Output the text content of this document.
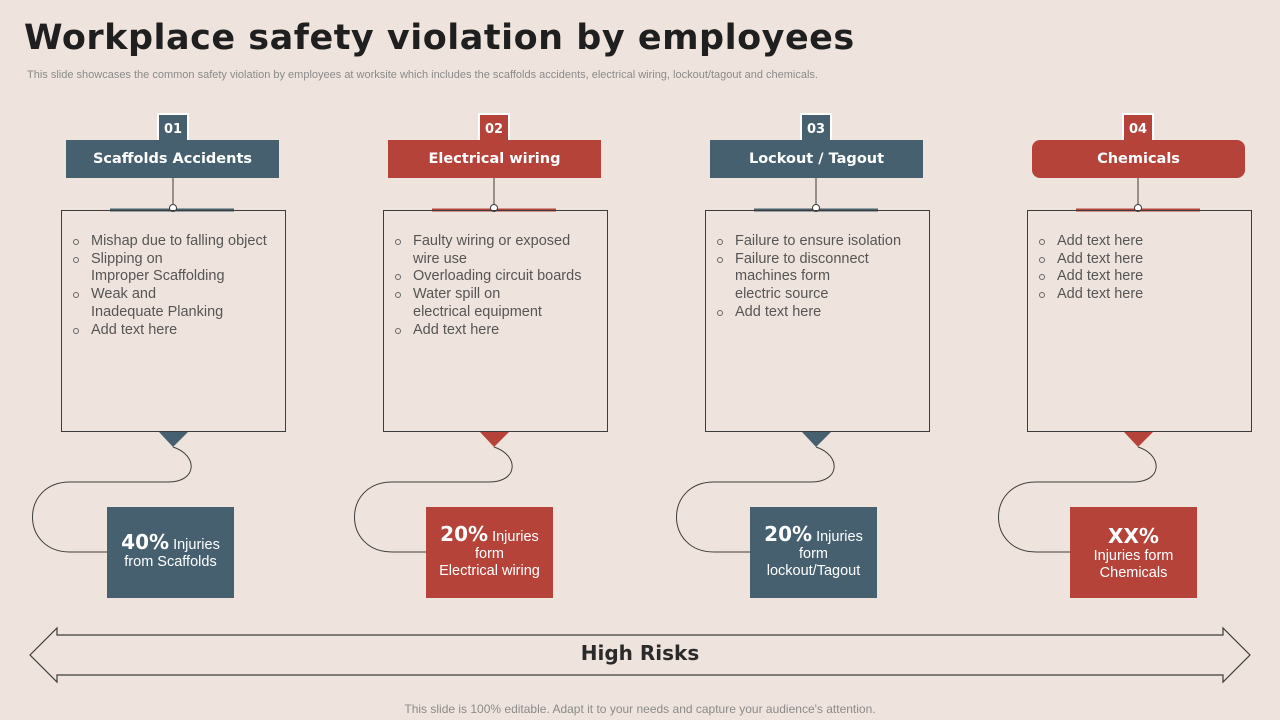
Workplace safety violation by employees
This slide showcases the common safety violation by employees at worksite which includes the scaffolds accidents, electrical wiring, lockout/tagout and chemicals.
01
Scaffolds Accidents
Mishap due to falling object
Slipping on
Improper Scaffolding
Weak and
Inadequate Planking
Add text here
40% Injuries
from Scaffolds
02
Electrical wiring
Faulty wiring or exposed
wire use
Overloading circuit boards
Water spill on
electrical equipment
Add text here
20% Injuries
form
Electrical wiring
03
Lockout / Tagout
Failure to ensure isolation
Failure to disconnect
machines form
electric source
Add text here
20% Injuries
form
lockout/Tagout
04
Chemicals
Add text here
Add text here
Add text here
Add text here
XX%
Injuries form
Chemicals
High Risks
This slide is 100% editable. Adapt it to your needs and capture your audience's attention.
